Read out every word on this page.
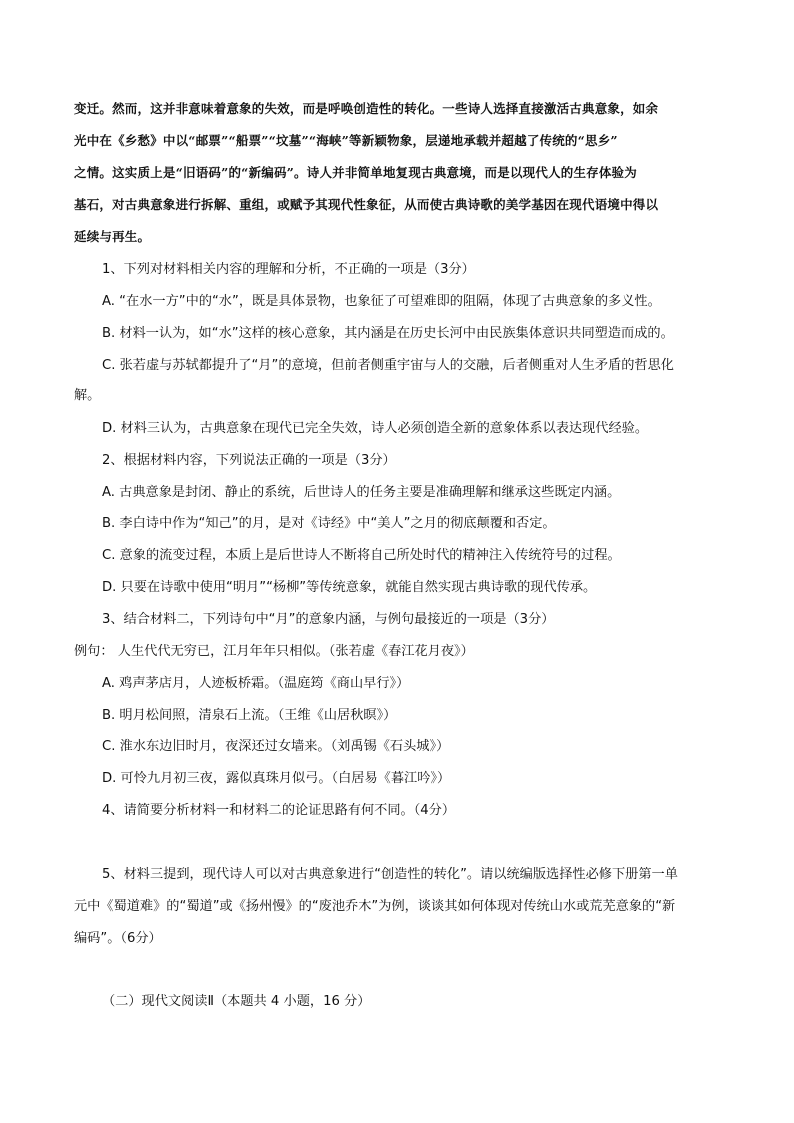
变迁。然而，这并非意味着意象的失效，而是呼唤创造性的转化。一些诗人选择直接激活古典意象，如余
光中在《乡愁》中以“邮票”“船票”“坟墓”“海峡”等新颖物象，层递地承载并超越了传统的“思乡”
之情。这实质上是“旧语码”的“新编码”。诗人并非简单地复现古典意境，而是以现代人的生存体验为
基石，对古典意象进行拆解、重组，或赋予其现代性象征，从而使古典诗歌的美学基因在现代语境中得以
延续与再生。
1、下列对材料相关内容的理解和分析，不正确的一项是（3分）
A. “在水一方”中的“水”，既是具体景物，也象征了可望难即的阻隔，体现了古典意象的多义性。
B. 材料一认为，如“水”这样的核心意象，其内涵是在历史长河中由民族集体意识共同塑造而成的。
C. 张若虚与苏轼都提升了“月”的意境，但前者侧重宇宙与人的交融，后者侧重对人生矛盾的哲思化
解。
D. 材料三认为，古典意象在现代已完全失效，诗人必须创造全新的意象体系以表达现代经验。
2、根据材料内容，下列说法正确的一项是（3分）
A. 古典意象是封闭、静止的系统，后世诗人的任务主要是准确理解和继承这些既定内涵。
B. 李白诗中作为“知己”的月，是对《诗经》中“美人”之月的彻底颠覆和否定。
C. 意象的流变过程，本质上是后世诗人不断将自己所处时代的精神注入传统符号的过程。
D. 只要在诗歌中使用“明月”“杨柳”等传统意象，就能自然实现古典诗歌的现代传承。
3、结合材料二，下列诗句中“月”的意象内涵，与例句最接近的一项是（3分）
例句： 人生代代无穷已，江月年年只相似。（张若虚《春江花月夜》）
A. 鸡声茅店月，人迹板桥霜。（温庭筠《商山早行》）
B. 明月松间照，清泉石上流。（王维《山居秋暝》）
C. 淮水东边旧时月，夜深还过女墙来。（刘禹锡《石头城》）
D. 可怜九月初三夜，露似真珠月似弓。（白居易《暮江吟》）
4、请简要分析材料一和材料二的论证思路有何不同。（4分）
5、材料三提到，现代诗人可以对古典意象进行“创造性的转化”。请以统编版选择性必修下册第一单
元中《蜀道难》的“蜀道”或《扬州慢》的“废池乔木”为例，谈谈其如何体现对传统山水或荒芜意象的“新
编码”。（6分）
（二）现代文阅读Ⅱ（本题共 4 小题，16 分）
